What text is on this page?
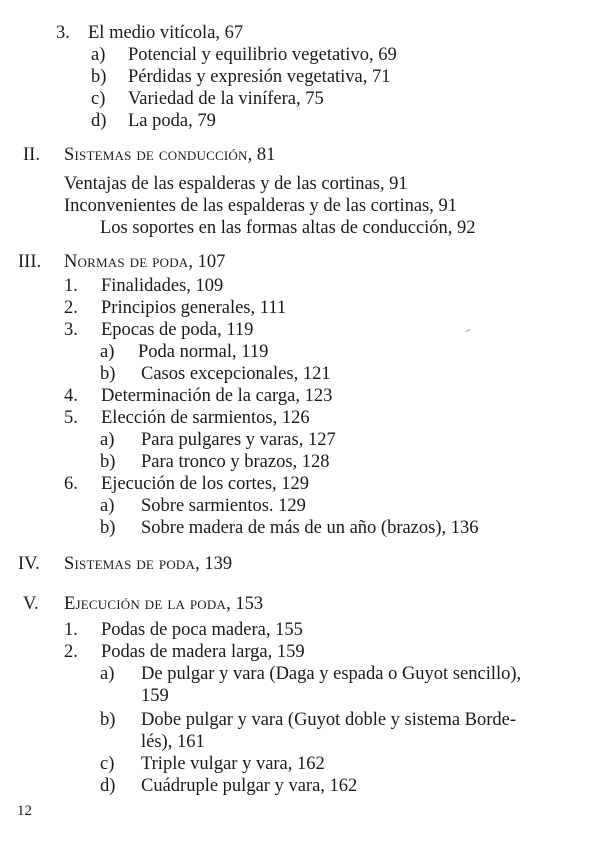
3. El medio vitícola, 67
a) Potencial y equilibrio vegetativo, 69
b) Pérdidas y expresión vegetativa, 71
c) Variedad de la vinífera, 75
d) La poda, 79
II. Sistemas de conducción, 81
Ventajas de las espalderas y de las cortinas, 91
Inconvenientes de las espalderas y de las cortinas, 91
Los soportes en las formas altas de conducción, 92
III. Normas de poda, 107
1. Finalidades, 109
2. Principios generales, 111
3. Epocas de poda, 119
a) Poda normal, 119
b) Casos excepcionales, 121
4. Determinación de la carga, 123
5. Elección de sarmientos, 126
a) Para pulgares y varas, 127
b) Para tronco y brazos, 128
6. Ejecución de los cortes, 129
a) Sobre sarmientos. 129
b) Sobre madera de más de un año (brazos), 136
IV. Sistemas de poda, 139
V. Ejecución de la poda, 153
1. Podas de poca madera, 155
2. Podas de madera larga, 159
a) De pulgar y vara (Daga y espada o Guyot sencillo),
159
b) Dobe pulgar y vara (Guyot doble y sistema Borde-
lés), 161
c) Triple vulgar y vara, 162
d) Cuádruple pulgar y vara, 162
12
